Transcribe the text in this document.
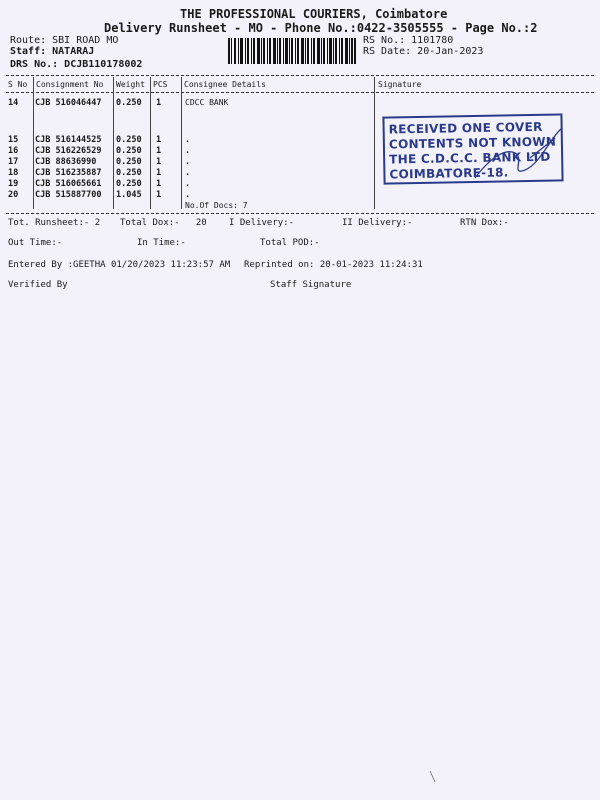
THE PROFESSIONAL COURIERS, Coimbatore
Delivery Runsheet - MO - Phone No.:0422-3505555 - Page No.:2
Route: SBI ROAD MO
Staff: NATARAJ
DRS No.: DCJB110178002
RS No.: 1101780
RS Date: 20-Jan-2023
S No Consignment No Weight PCS Consignee Details	Signature
14 CJB 516046447 0.250 1	CDCC BANK
15 CJB 516144525 0.250 1	.
16 CJB 516226529 0.250 1	.
17 CJB 88636990 0.250 1	.
18 CJB 516235887 0.250 1	.
19 CJB 516065661 0.250 1	.
20 CJB 515887700 1.045 1	.
No.Of Docs: 7
RECEIVED ONE COVER
CONTENTS NOT KNOWN
THE C.D.C.C. BANK LTD
COIMBATORE-18.
Tot. Runsheet:- 2 Total Dox:-   20 I Delivery:-	II Delivery:-	RTN Dox:-
Out Time:-	In Time:-	Total POD:-
Entered By :GEETHA 01/20/2023 11:23:57 AM Reprinted on: 20-01-2023 11:24:31
Verified By	Staff Signature
